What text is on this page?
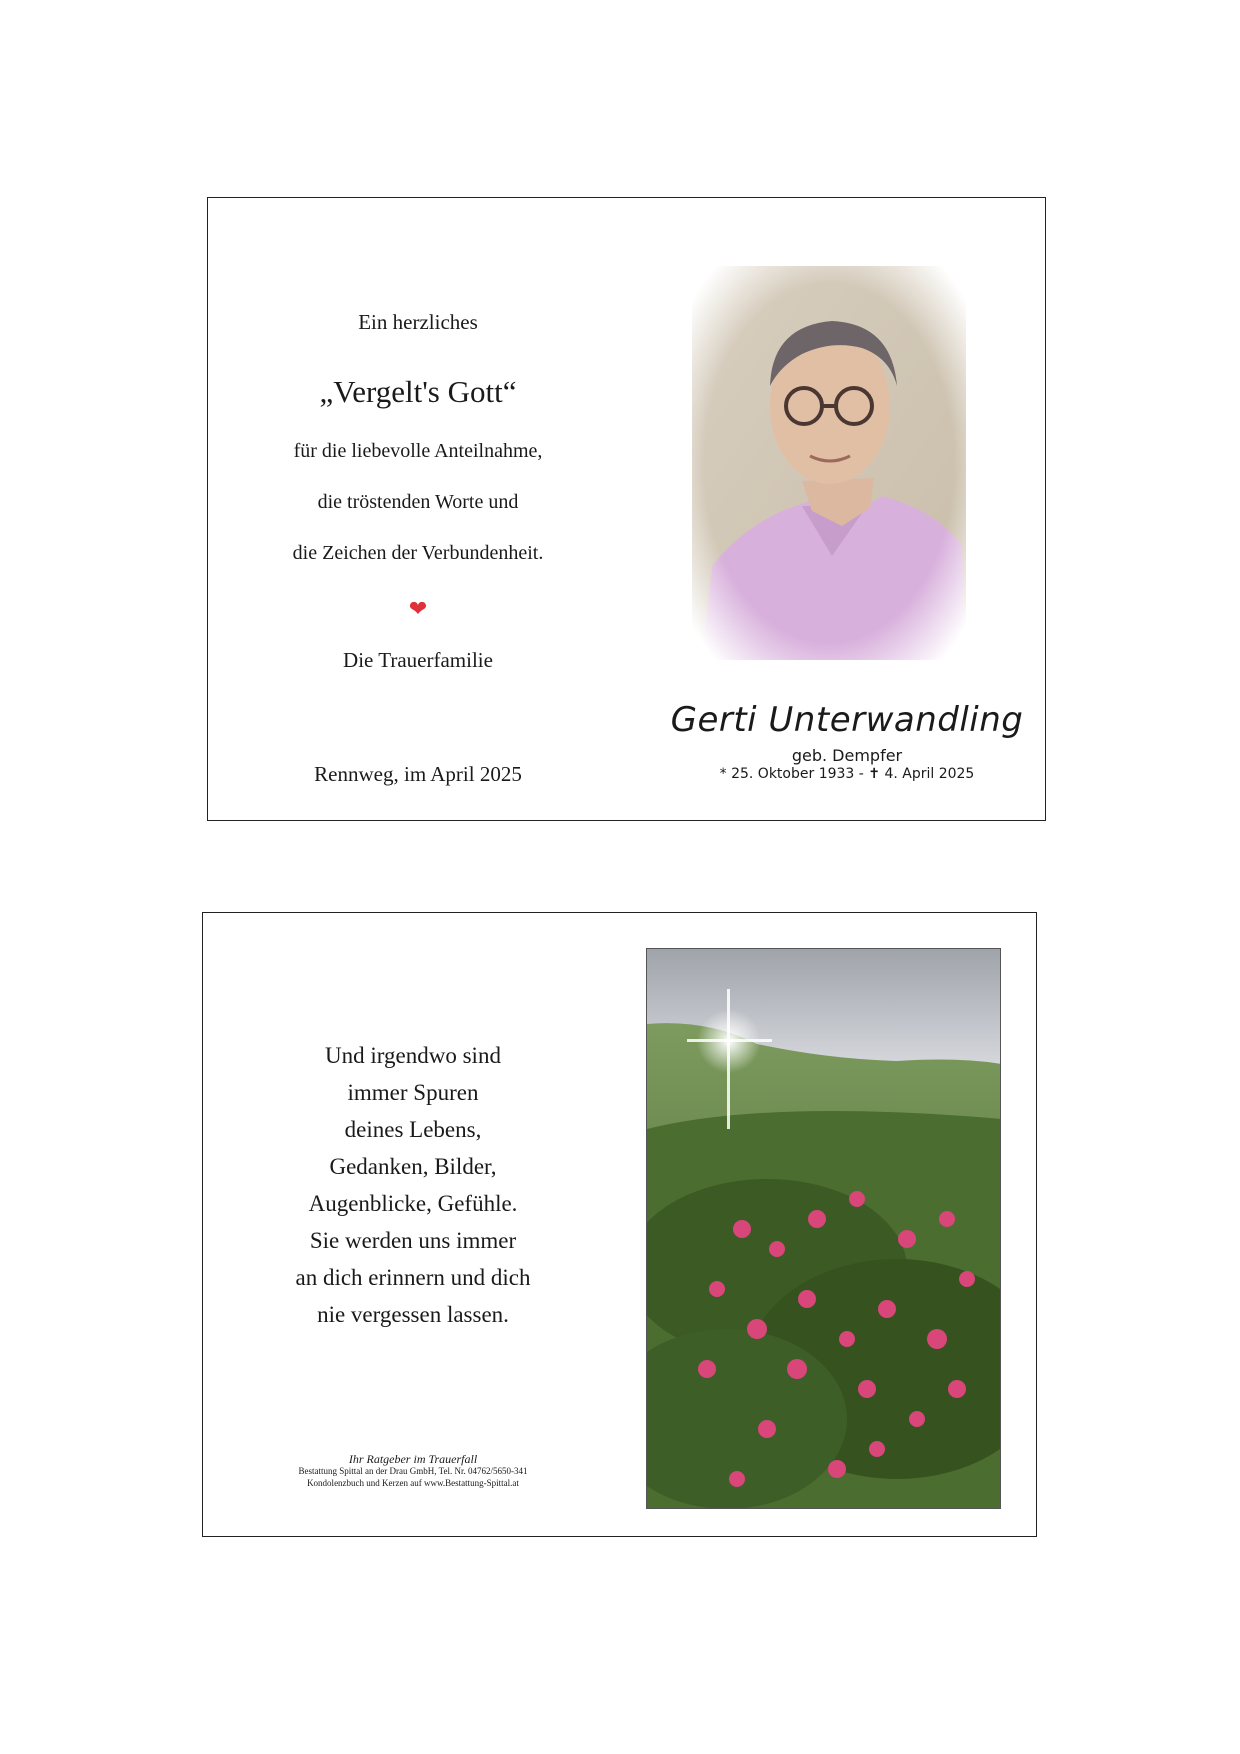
Ein herzliches
„Vergelt's Gott“
für die liebevolle Anteilnahme,
die tröstenden Worte und
die Zeichen der Verbundenheit.
❤
Die Trauerfamilie
Rennweg, im April 2025
Gerti Unterwandling
geb. Dempfer
* 25. Oktober 1933 - ✝ 4. April 2025
Und irgendwo sind
immer Spuren
deines Lebens,
Gedanken, Bilder,
Augenblicke, Gefühle.
Sie werden uns immer
an dich erinnern und dich
nie vergessen lassen.
Ihr Ratgeber im Trauerfall
Bestattung Spittal an der Drau GmbH, Tel. Nr. 04762/5650-341
Kondolenzbuch und Kerzen auf www.Bestattung-Spittal.at
